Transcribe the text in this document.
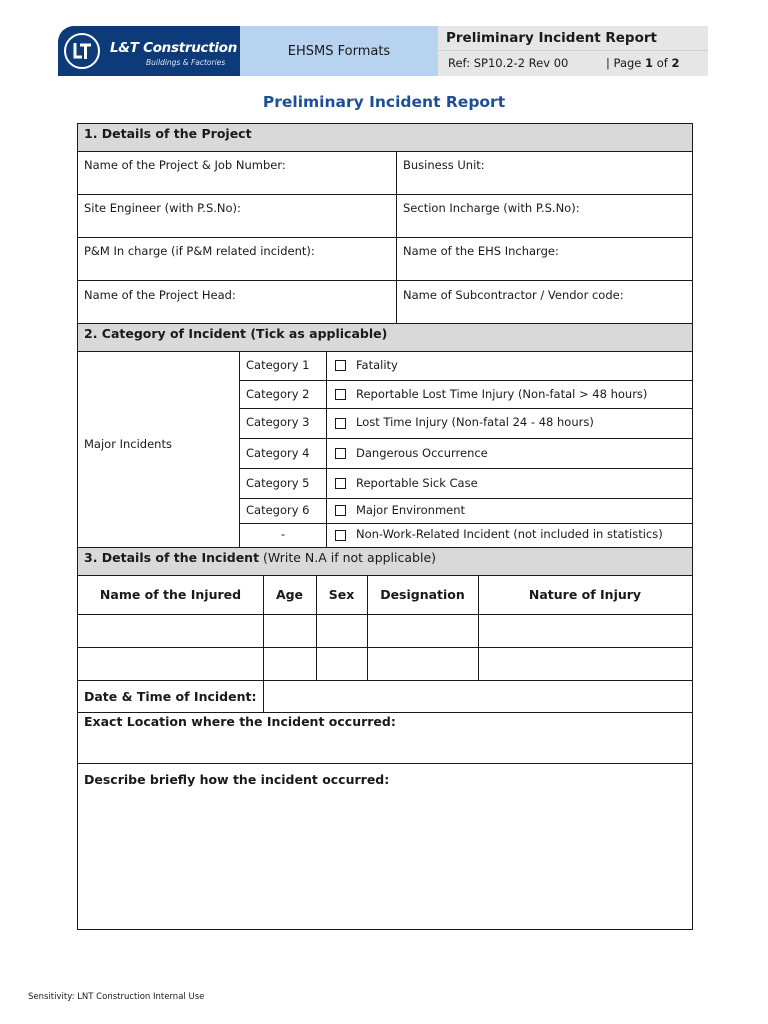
L&T Construction
Buildings & Factories
EHSMS Formats
Preliminary Incident Report
Ref: SP10.2-2 Rev 00	| Page 1 of 2
Preliminary Incident Report
1. Details of the Project
Name of the Project & Job Number:	Business Unit:
Site Engineer (with P.S.No):	Section Incharge (with P.S.No):
P&M In charge (if P&M related incident):	Name of the EHS Incharge:
Name of the Project Head:	Name of Subcontractor / Vendor code:
2. Category of Incident (Tick as applicable)
Major Incidents
Category 1	Fatality
Category 2	Reportable Lost Time Injury (Non-fatal > 48 hours)
Category 3	Lost Time Injury (Non-fatal 24 - 48 hours)
Category 4	Dangerous Occurrence
Category 5	Reportable Sick Case
Category 6	Major Environment
-	Non-Work-Related Incident (not included in statistics)
3. Details of the Incident (Write N.A if not applicable)
Name of the Injured	Age	Sex	Designation	Nature of Injury
Date & Time of Incident:
Exact Location where the Incident occurred:
Describe briefly how the incident occurred:
Sensitivity: LNT Construction Internal Use
